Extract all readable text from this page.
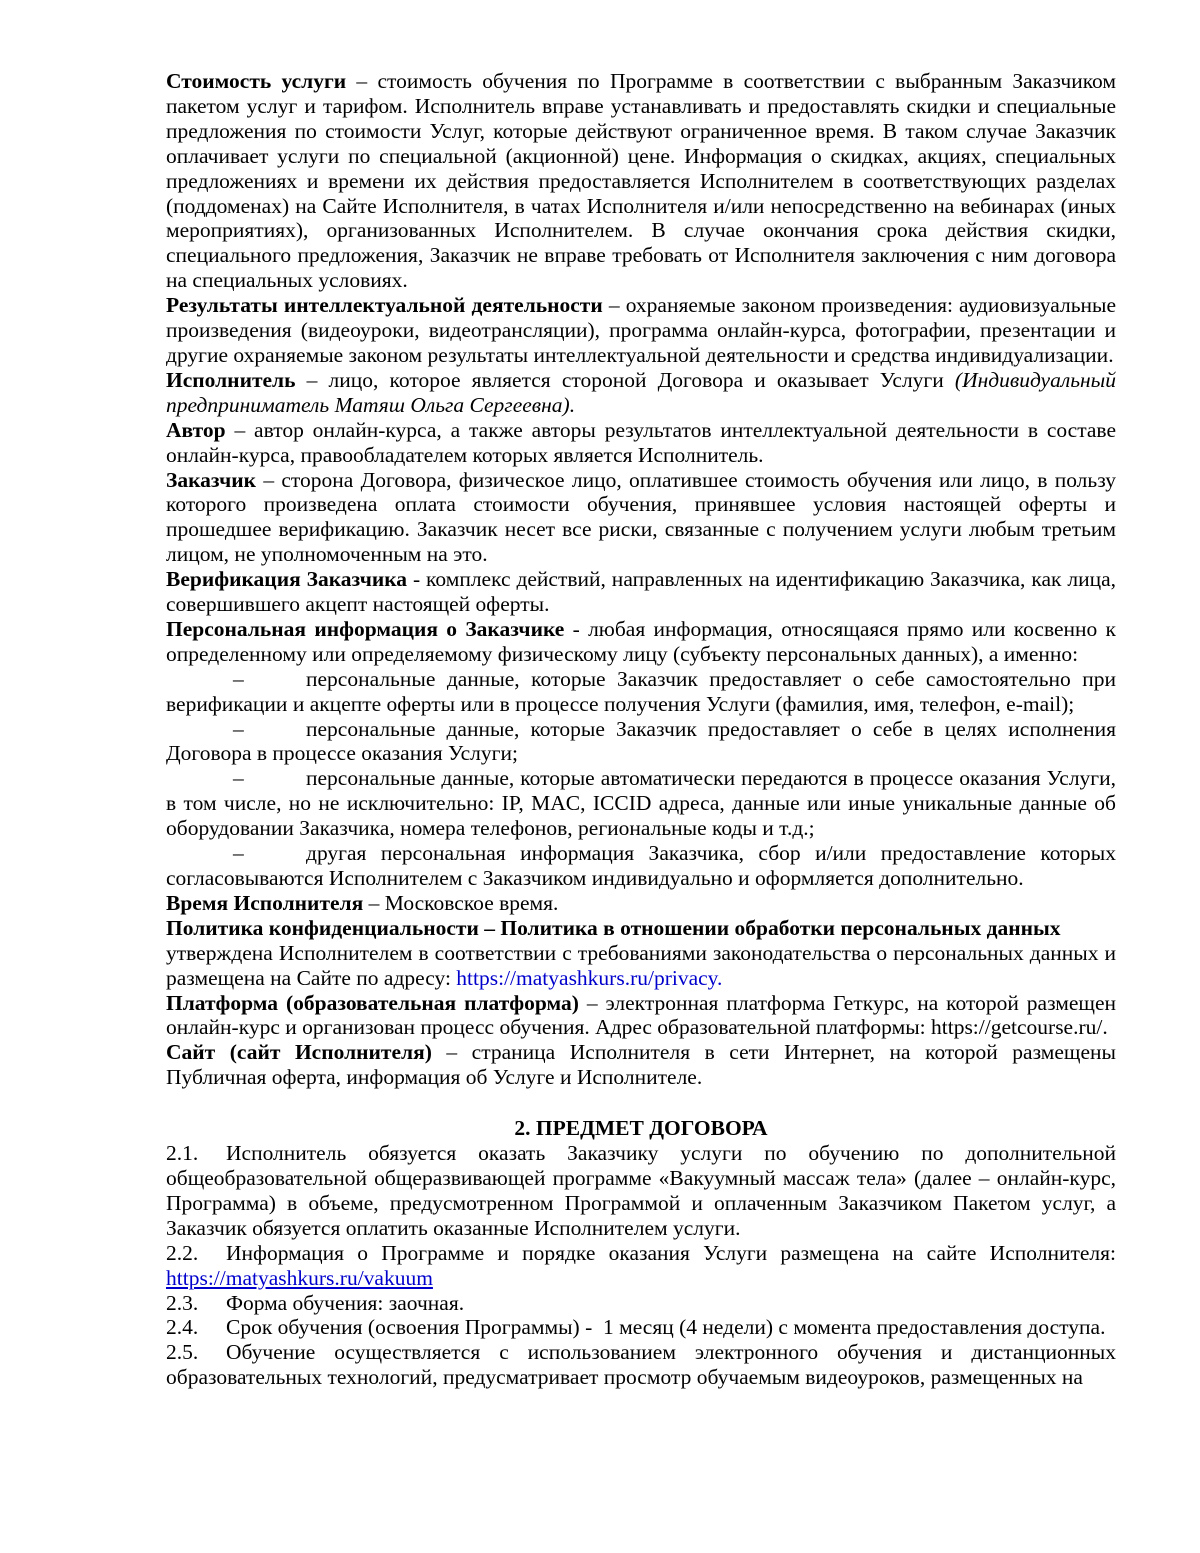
Стоимость услуги – стоимость обучения по Программе в соответствии с выбранным Заказчиком пакетом услуг и тарифом. Исполнитель вправе устанавливать и предоставлять скидки и специальные предложения по стоимости Услуг, которые действуют ограниченное время. В таком случае Заказчик оплачивает услуги по специальной (акционной) цене. Информация о скидках, акциях, специальных предложениях и времени их действия предоставляется Исполнителем в соответствующих разделах (поддоменах) на Сайте Исполнителя, в чатах Исполнителя и/или непосредственно на вебинарах (иных мероприятиях), организованных Исполнителем. В случае окончания срока действия скидки, специального предложения, Заказчик не вправе требовать от Исполнителя заключения с ним договора на специальных условиях.

Результаты интеллектуальной деятельности – охраняемые законом произведения: аудиовизуальные произведения (видеоуроки, видеотрансляции), программа онлайн-курса, фотографии, презентации и другие охраняемые законом результаты интеллектуальной деятельности и средства индивидуализации.

Исполнитель – лицо, которое является стороной Договора и оказывает Услуги (Индивидуальный предприниматель Матяш Ольга Сергеевна).

Автор – автор онлайн-курса, а также авторы результатов интеллектуальной деятельности в составе онлайн-курса, правообладателем которых является Исполнитель.

Заказчик – сторона Договора, физическое лицо, оплатившее стоимость обучения или лицо, в пользу которого произведена оплата стоимости обучения, принявшее условия настоящей оферты и прошедшее верификацию. Заказчик несет все риски, связанные с получением услуги любым третьим лицом, не уполномоченным на это.

Верификация Заказчика - комплекс действий, направленных на идентификацию Заказчика, как лица, совершившего акцепт настоящей оферты.

Персональная информация о Заказчике - любая информация, относящаяся прямо или косвенно к определенному или определяемому физическому лицу (субъекту персональных данных), а именно:

–	персональные данные, которые Заказчик предоставляет о себе самостоятельно при верификации и акцепте оферты или в процессе получения Услуги (фамилия, имя, телефон, e-mail);

–	персональные данные, которые Заказчик предоставляет о себе в целях исполнения Договора в процессе оказания Услуги;

–	персональные данные, которые автоматически передаются в процессе оказания Услуги, в том числе, но не исключительно: IP, MAC, ICCID адреса, данные или иные уникальные данные об оборудовании Заказчика, номера телефонов, региональные коды и т.д.;

–	другая персональная информация Заказчика, сбор и/или предоставление которых согласовываются Исполнителем с Заказчиком индивидуально и оформляется дополнительно.

Время Исполнителя – Московское время.

Политика конфиденциальности – Политика в отношении обработки персональных данных

утверждена Исполнителем в соответствии с требованиями законодательства о персональных данных и размещена на Сайте по адресу: https://matyashkurs.ru/privacy.

Платформа (образовательная платформа) – электронная платформа Геткурс, на которой размещен онлайн-курс и организован процесс обучения. Адрес образовательной платформы: https://getcourse.ru/.

Сайт (сайт Исполнителя) – страница Исполнителя в сети Интернет, на которой размещены Публичная оферта, информация об Услуге и Исполнителе.

2. ПРЕДМЕТ ДОГОВОРА

2.1. Исполнитель обязуется оказать Заказчику услуги по обучению по дополнительной общеобразовательной общеразвивающей программе «Вакуумный массаж тела» (далее – онлайн-курс, Программа) в объеме, предусмотренном Программой и оплаченным Заказчиком Пакетом услуг, а Заказчик обязуется оплатить оказанные Исполнителем услуги.

2.2. Информация о Программе и порядке оказания Услуги размещена на сайте Исполнителя: https://matyashkurs.ru/vakuum

2.3. Форма обучения: заочная.

2.4. Срок обучения (освоения Программы) -  1 месяц (4 недели) с момента предоставления доступа.

2.5. Обучение осуществляется с использованием электронного обучения и дистанционных образовательных технологий, предусматривает просмотр обучаемым видеоуроков, размещенных на
